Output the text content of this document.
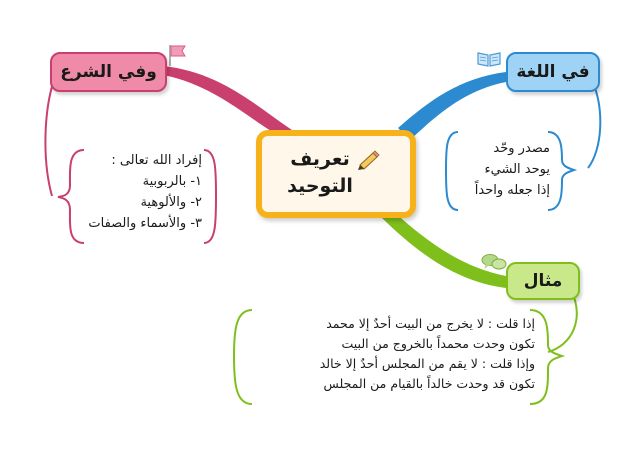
وفي الشرع	في اللغة
مثال
تعريف
التوحيد
إفراد الله تعالى :
١- بالربوبية
٢- والألوهية
٣- والأسماء والصفات
مصدر وحّد
يوحد الشيء
إذا جعله واحداً
إذا قلت : لا يخرج من البيت أحدٌ إلا محمد
تكون وحدت محمداً بالخروج من البيت
وإذا قلت : لا يقم من المجلس أحدٌ إلا خالد
تكون قد وحدت خالداً بالقيام من المجلس
